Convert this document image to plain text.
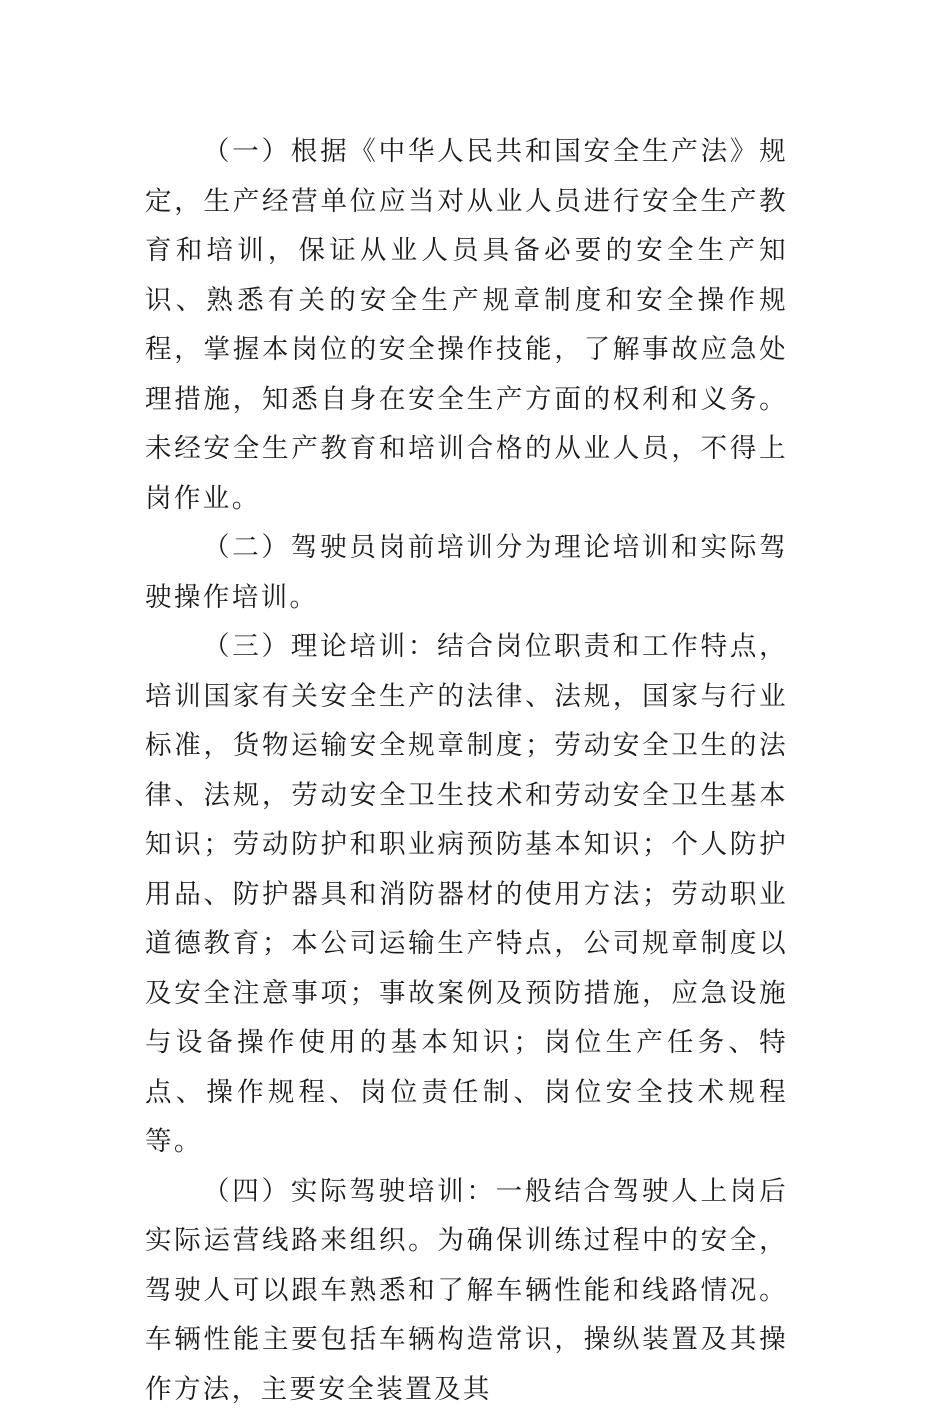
（一）根据《中华人民共和国安全生产法》规定，生产经营单位应当对从业人员进行安全生产教育和培训，保证从业人员具备必要的安全生产知识、熟悉有关的安全生产规章制度和安全操作规程，掌握本岗位的安全操作技能，了解事故应急处理措施，知悉自身在安全生产方面的权利和义务。未经安全生产教育和培训合格的从业人员，不得上岗作业。

（二）驾驶员岗前培训分为理论培训和实际驾驶操作培训。

（三）理论培训：结合岗位职责和工作特点，培训国家有关安全生产的法律、法规，国家与行业标准，货物运输安全规章制度；劳动安全卫生的法律、法规，劳动安全卫生技术和劳动安全卫生基本知识；劳动防护和职业病预防基本知识；个人防护用品、防护器具和消防器材的使用方法；劳动职业道德教育；本公司运输生产特点，公司规章制度以及安全注意事项；事故案例及预防措施，应急设施与设备操作使用的基本知识；岗位生产任务、特点、操作规程、岗位责任制、岗位安全技术规程等。

（四）实际驾驶培训：一般结合驾驶人上岗后实际运营线路来组织。为确保训练过程中的安全，驾驶人可以跟车熟悉和了解车辆性能和线路情况。车辆性能主要包括车辆构造常识，操纵装置及其操作方法，主要安全装置及其
